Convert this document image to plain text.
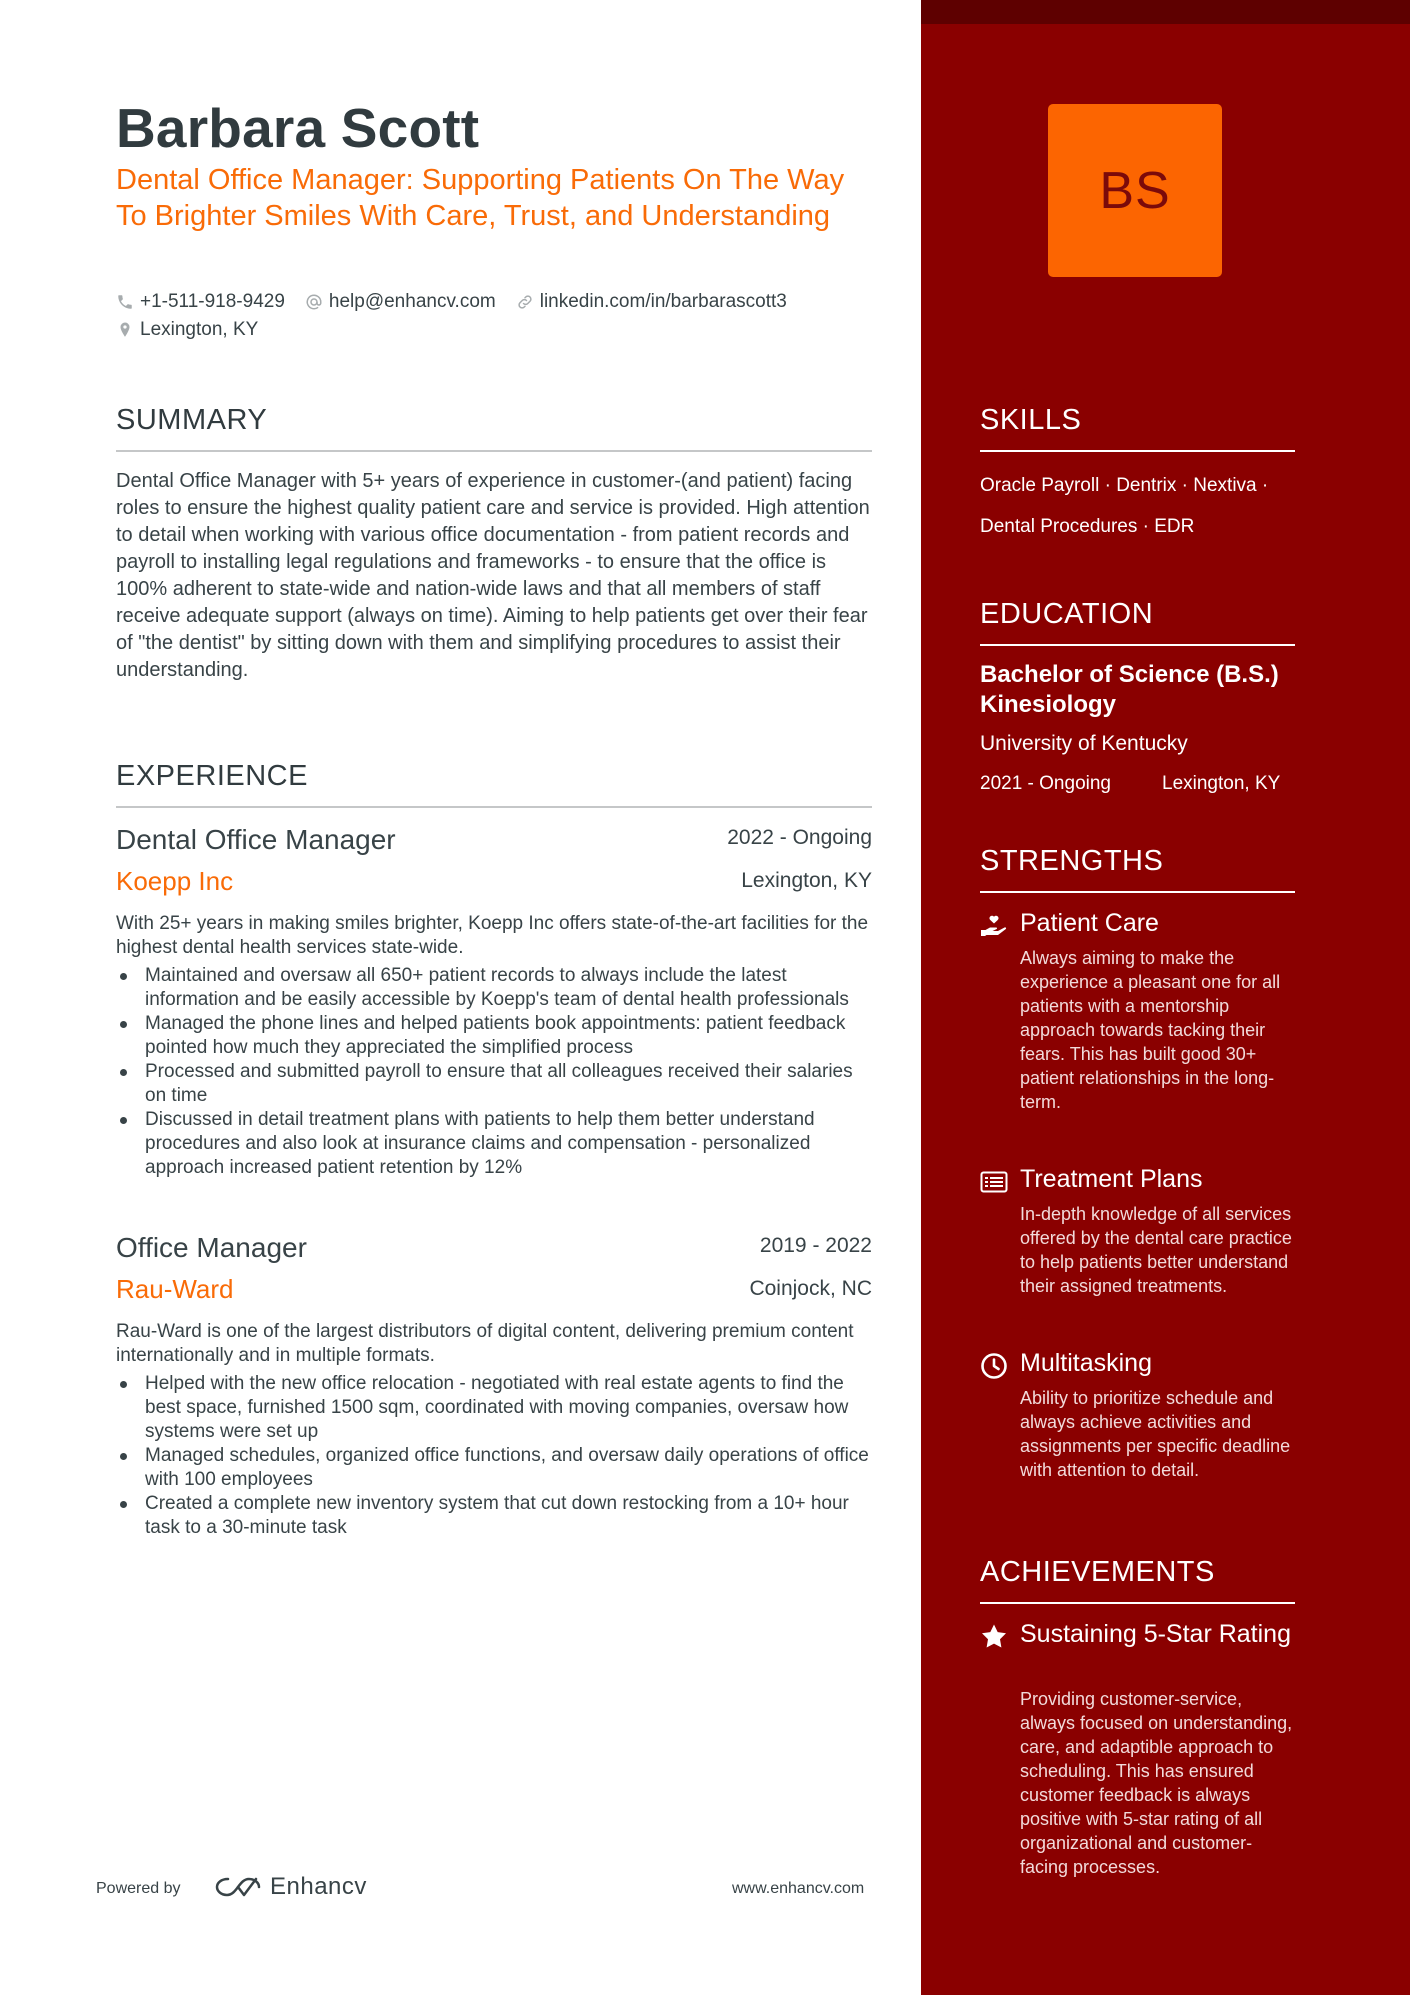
Barbara Scott
Dental Office Manager: Supporting Patients On The Way To Brighter Smiles With Care, Trust, and Understanding
+1-511-918-9429 help@enhancv.com linkedin.com/in/barbarascott3
Lexington, KY
SUMMARY
Dental Office Manager with 5+ years of experience in customer-(and patient) facing roles to ensure the highest quality patient care and service is provided. High attention to detail when working with various office documentation - from patient records and payroll to installing legal regulations and frameworks - to ensure that the office is 100% adherent to state-wide and nation-wide laws and that all members of staff receive adequate support (always on time). Aiming to help patients get over their fear of "the dentist" by sitting down with them and simplifying procedures to assist their understanding.
EXPERIENCE
Dental Office Manager	2022 - Ongoing
Koepp Inc	Lexington, KY
With 25+ years in making smiles brighter, Koepp Inc offers state-of-the-art facilities for the highest dental health services state-wide.
Maintained and oversaw all 650+ patient records to always include the latest information and be easily accessible by Koepp's team of dental health professionals
Managed the phone lines and helped patients book appointments: patient feedback pointed how much they appreciated the simplified process
Processed and submitted payroll to ensure that all colleagues received their salaries on time
Discussed in detail treatment plans with patients to help them better understand procedures and also look at insurance claims and compensation - personalized approach increased patient retention by 12%
Office Manager	2019 - 2022
Rau-Ward	Coinjock, NC
Rau-Ward is one of the largest distributors of digital content, delivering premium content internationally and in multiple formats.
Helped with the new office relocation - negotiated with real estate agents to find the best space, furnished 1500 sqm, coordinated with moving companies, oversaw how systems were set up
Managed schedules, organized office functions, and oversaw daily operations of office with 100 employees
Created a complete new inventory system that cut down restocking from a 10+ hour task to a 30-minute task
Powered by	Enhancv	www.enhancv.com
BS
SKILLS
Oracle Payroll · Dentrix · Nextiva ·
Dental Procedures · EDR
EDUCATION
Bachelor of Science (B.S.) Kinesiology
University of Kentucky
2021 - Ongoing	Lexington, KY
STRENGTHS
Patient Care
Always aiming to make the experience a pleasant one for all patients with a mentorship approach towards tacking their fears. This has built good 30+ patient relationships in the long-term.
Treatment Plans
In-depth knowledge of all services offered by the dental care practice to help patients better understand their assigned treatments.
Multitasking
Ability to prioritize schedule and always achieve activities and assignments per specific deadline with attention to detail.
ACHIEVEMENTS
Sustaining 5-Star Rating
Providing customer-service, always focused on understanding, care, and adaptible approach to scheduling. This has ensured customer feedback is always positive with 5-star rating of all organizational and customer-facing processes.
